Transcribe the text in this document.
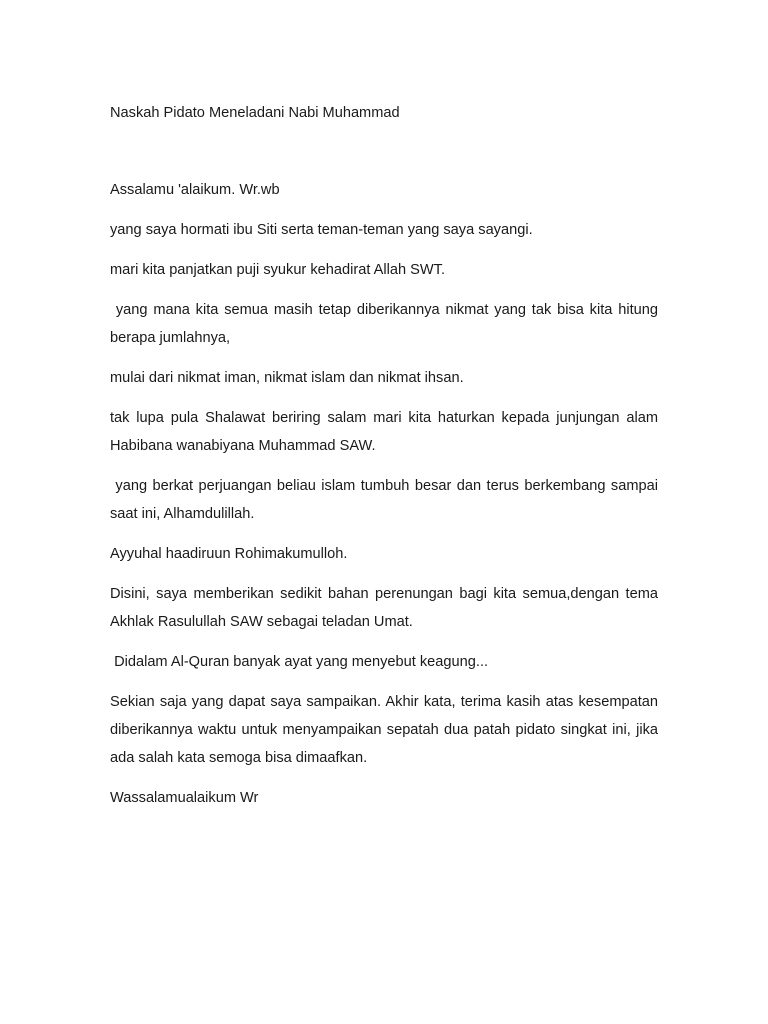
Naskah Pidato Meneladani Nabi Muhammad
Assalamu 'alaikum. Wr.wb
yang saya hormati ibu Siti serta teman-teman yang saya sayangi.
mari kita panjatkan puji syukur kehadirat Allah SWT.
yang mana kita semua masih tetap diberikannya nikmat yang tak bisa kita hitung berapa jumlahnya,
mulai dari nikmat iman, nikmat islam dan nikmat ihsan.
tak lupa pula Shalawat beriring salam mari kita haturkan kepada junjungan alam Habibana wanabiyana Muhammad SAW.
yang berkat perjuangan beliau islam tumbuh besar dan terus berkembang sampai saat ini, Alhamdulillah.
Ayyuhal haadiruun Rohimakumulloh.
Disini, saya memberikan sedikit bahan perenungan bagi kita semua,dengan tema Akhlak Rasulullah SAW sebagai teladan Umat.
Didalam Al-Quran banyak ayat yang menyebut keagung...
Sekian saja yang dapat saya sampaikan. Akhir kata, terima kasih atas kesempatan diberikannya waktu untuk menyampaikan sepatah dua patah pidato singkat ini, jika ada salah kata semoga bisa dimaafkan.
Wassalamualaikum Wr
